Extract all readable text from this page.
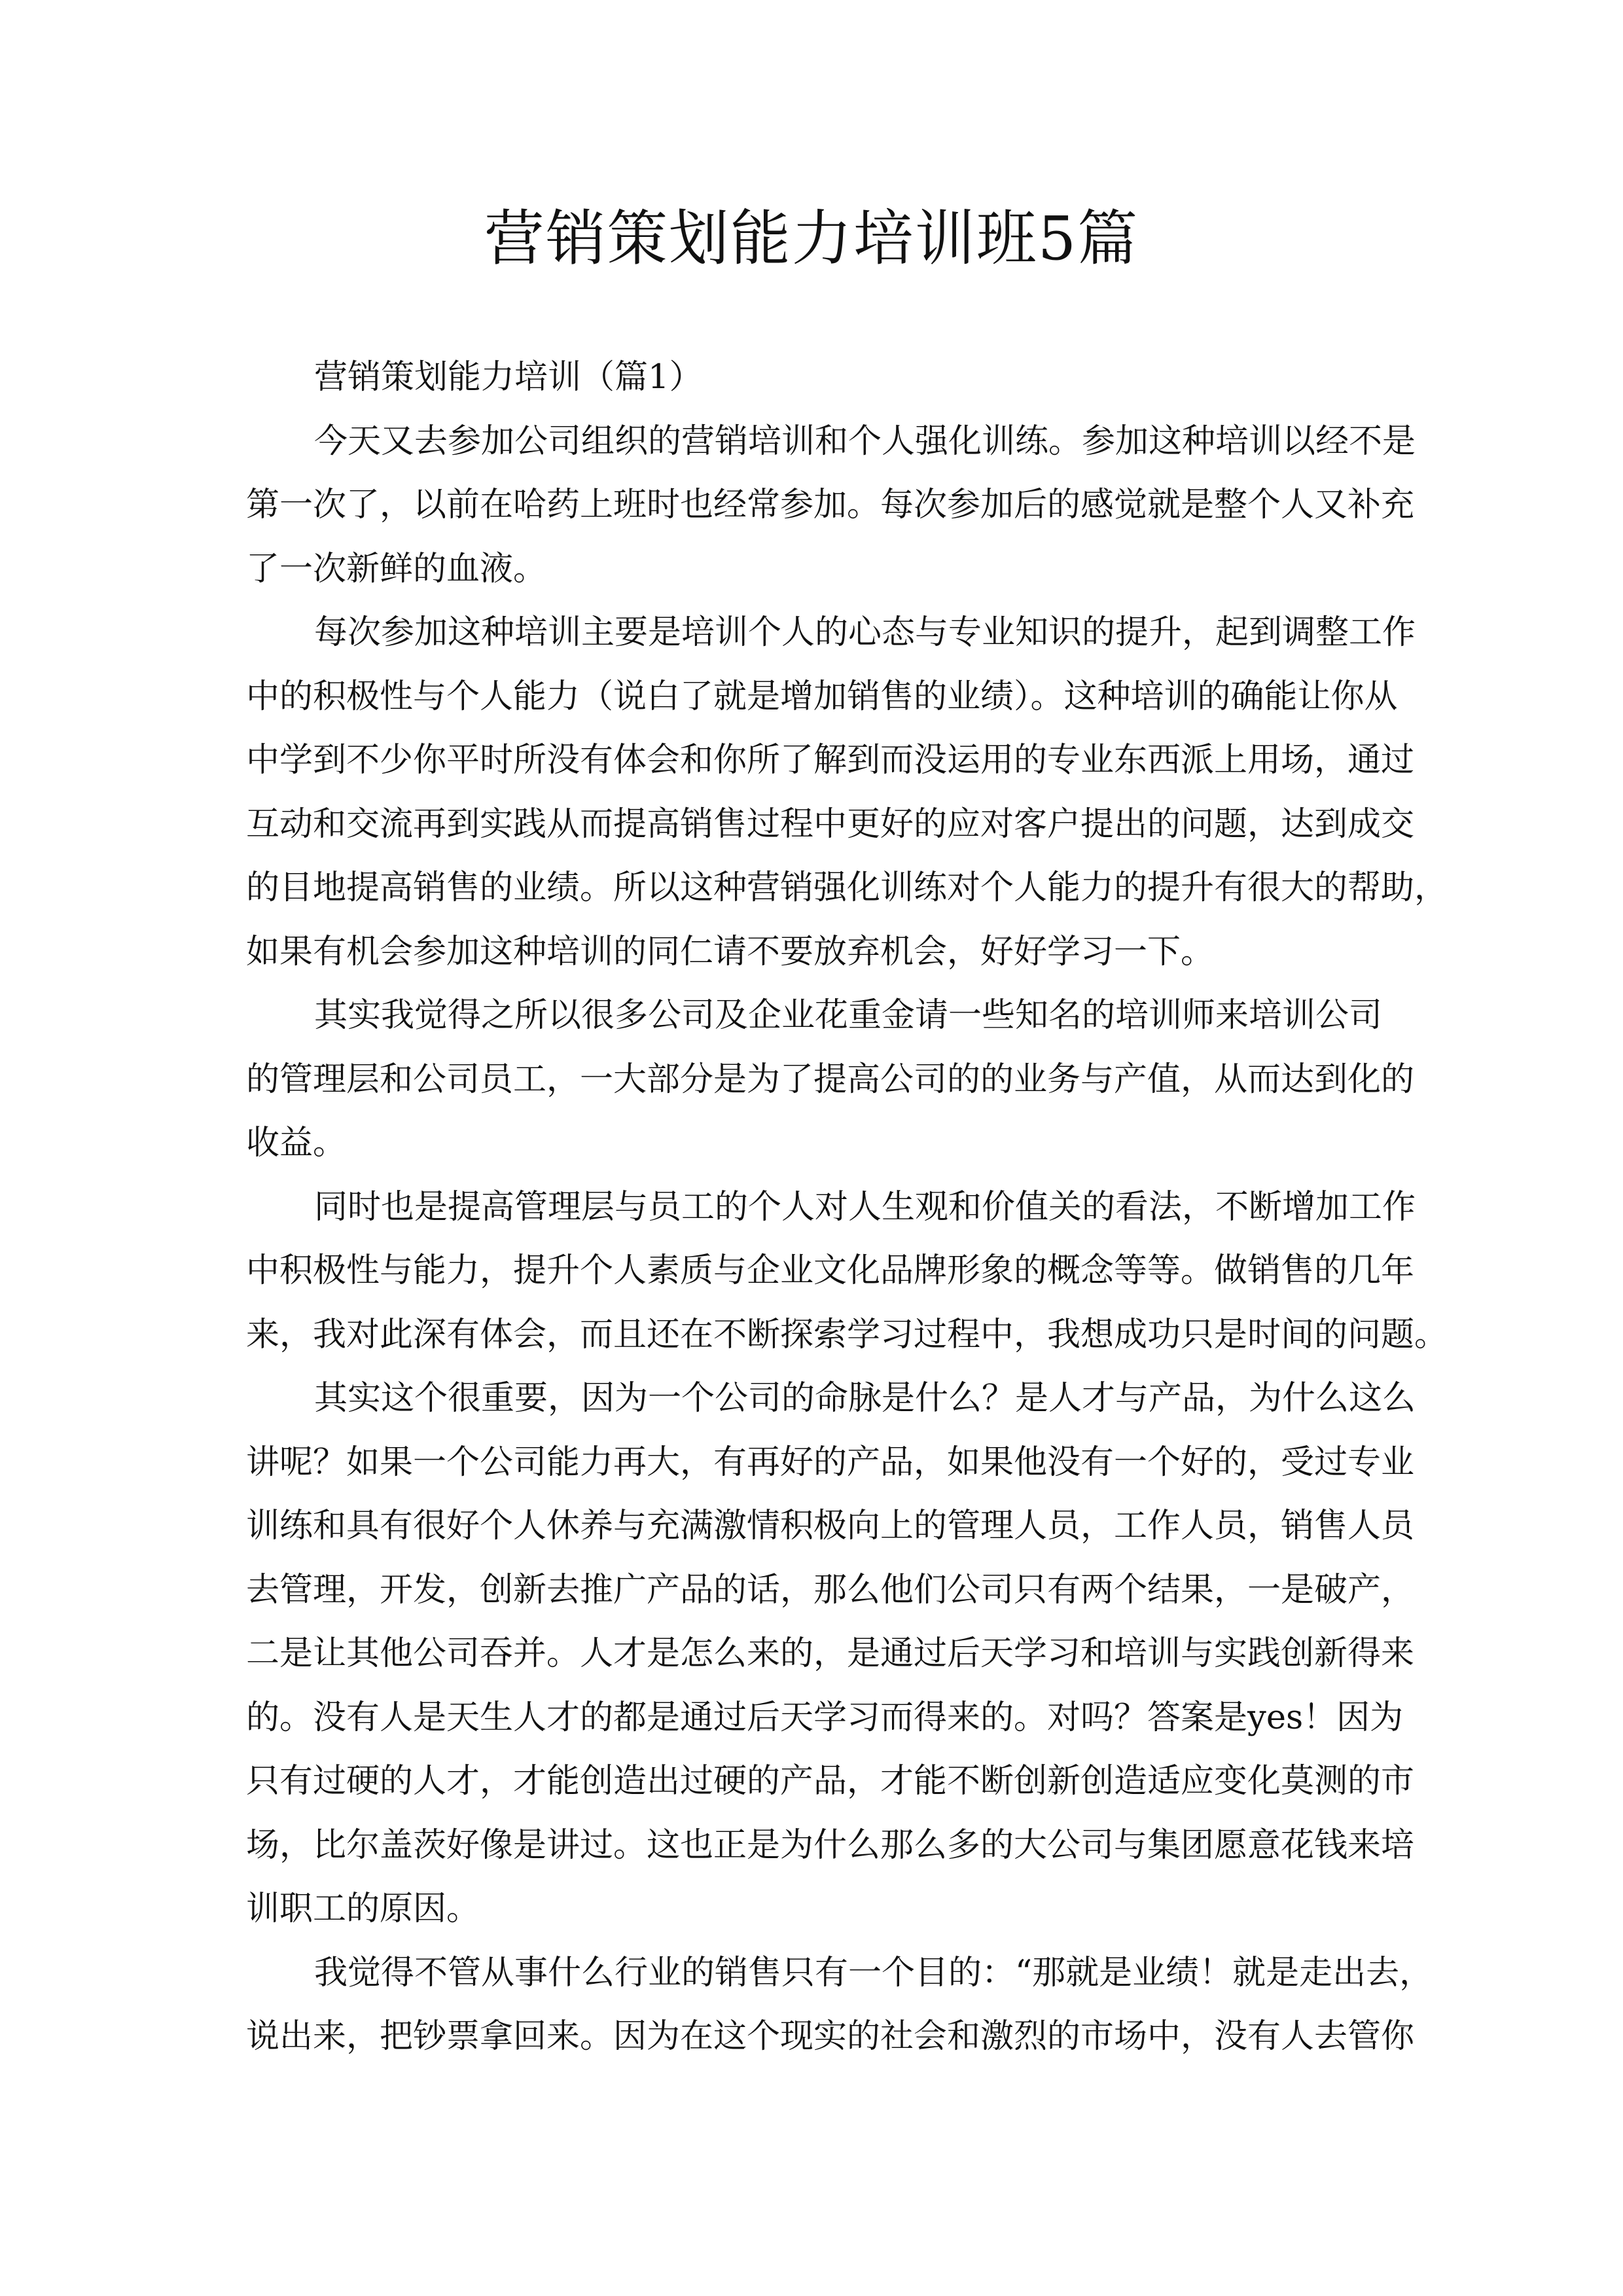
营销策划能力培训班5篇
营销策划能力培训（篇1）
今天又去参加公司组织的营销培训和个人强化训练。参加这种培训以经不是
第一次了，以前在哈药上班时也经常参加。每次参加后的感觉就是整个人又补充
了一次新鲜的血液。
每次参加这种培训主要是培训个人的心态与专业知识的提升，起到调整工作
中的积极性与个人能力（说白了就是增加销售的业绩）。这种培训的确能让你从
中学到不少你平时所没有体会和你所了解到而没运用的专业东西派上用场，通过
互动和交流再到实践从而提高销售过程中更好的应对客户提出的问题，达到成交
的目地提高销售的业绩。所以这种营销强化训练对个人能力的提升有很大的帮助，
如果有机会参加这种培训的同仁请不要放弃机会，好好学习一下。
其实我觉得之所以很多公司及企业花重金请一些知名的培训师来培训公司
的管理层和公司员工，一大部分是为了提高公司的的业务与产值，从而达到化的
收益。
同时也是提高管理层与员工的个人对人生观和价值关的看法，不断增加工作
中积极性与能力，提升个人素质与企业文化品牌形象的概念等等。做销售的几年
来，我对此深有体会，而且还在不断探索学习过程中，我想成功只是时间的问题。
其实这个很重要，因为一个公司的命脉是什么？是人才与产品，为什么这么
讲呢？如果一个公司能力再大，有再好的产品，如果他没有一个好的，受过专业
训练和具有很好个人休养与充满激情积极向上的管理人员，工作人员，销售人员
去管理，开发，创新去推广产品的话，那么他们公司只有两个结果，一是破产，
二是让其他公司吞并。人才是怎么来的，是通过后天学习和培训与实践创新得来
的。没有人是天生人才的都是通过后天学习而得来的。对吗？答案是yes！因为
只有过硬的人才，才能创造出过硬的产品，才能不断创新创造适应变化莫测的市
场，比尔盖茨好像是讲过。这也正是为什么那么多的大公司与集团愿意花钱来培
训职工的原因。
我觉得不管从事什么行业的销售只有一个目的：“那就是业绩！就是走出去，
说出来，把钞票拿回来。因为在这个现实的社会和激烈的市场中，没有人去管你
